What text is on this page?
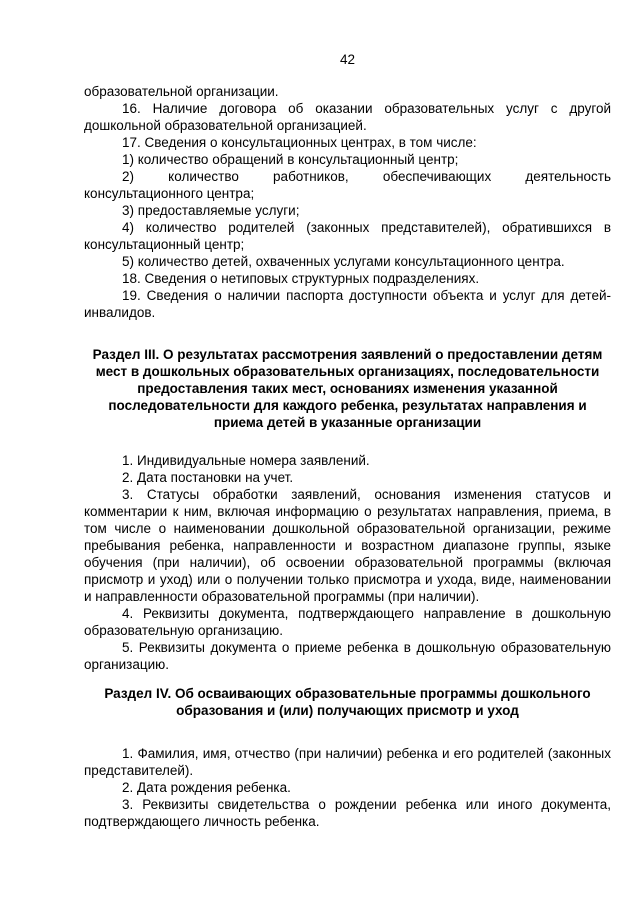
42

образовательной организации.

16. Наличие договора об оказании образовательных услуг с другой дошкольной образовательной организацией.

17. Сведения о консультационных центрах, в том числе:

1) количество обращений в консультационный центр;

2) количество работников, обеспечивающих деятельность консультационного центра;

3) предоставляемые услуги;

4) количество родителей (законных представителей), обратившихся в консультационный центр;

5) количество детей, охваченных услугами консультационного центра.

18. Сведения о нетиповых структурных подразделениях.

19. Сведения о наличии паспорта доступности объекта и услуг для детей-инвалидов.

Раздел III. О результатах рассмотрения заявлений о предоставлении детям мест в дошкольных образовательных организациях, последовательности предоставления таких мест, основаниях изменения указанной последовательности для каждого ребенка, результатах направления и приема детей в указанные организации

1. Индивидуальные номера заявлений.

2. Дата постановки на учет.

3. Статусы обработки заявлений, основания изменения статусов и комментарии к ним, включая информацию о результатах направления, приема, в том числе о наименовании дошкольной образовательной организации, режиме пребывания ребенка, направленности и возрастном диапазоне группы, языке обучения (при наличии), об освоении образовательной программы (включая присмотр и уход) или о получении только присмотра и ухода, виде, наименовании и направленности образовательной программы (при наличии).

4. Реквизиты документа, подтверждающего направление в дошкольную образовательную организацию.

5. Реквизиты документа о приеме ребенка в дошкольную образовательную организацию.

Раздел IV. Об осваивающих образовательные программы дошкольного образования и (или) получающих присмотр и уход

1. Фамилия, имя, отчество (при наличии) ребенка и его родителей (законных представителей).

2. Дата рождения ребенка.

3. Реквизиты свидетельства о рождении ребенка или иного документа, подтверждающего личность ребенка.
